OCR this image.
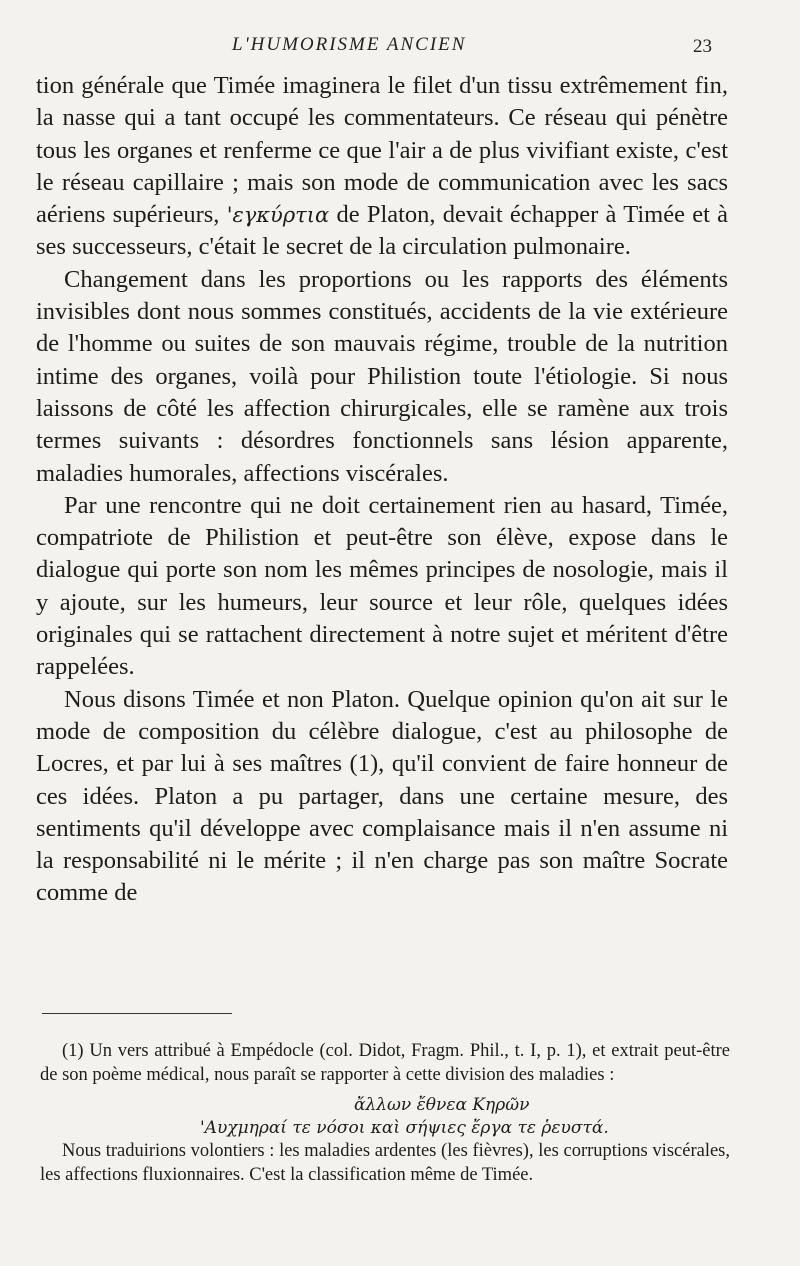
L'HUMORISME ANCIEN	23

tion générale que Timée imaginera le filet d'un tissu extrêmement fin, la nasse qui a tant occupé les commentateurs. Ce réseau qui pénètre tous les organes et renferme ce que l'air a de plus vivifiant existe, c'est le réseau capillaire ; mais son mode de communication avec les sacs aériens supérieurs, 'εγκύρτια de Platon, devait échapper à Timée et à ses successeurs, c'était le secret de la circulation pulmonaire.

Changement dans les proportions ou les rapports des éléments invisibles dont nous sommes constitués, accidents de la vie extérieure de l'homme ou suites de son mauvais régime, trouble de la nutrition intime des organes, voilà pour Philistion toute l'étiologie. Si nous laissons de côté les affection chirurgicales, elle se ramène aux trois termes suivants : désordres fonctionnels sans lésion apparente, maladies humorales, affections viscérales.

Par une rencontre qui ne doit certainement rien au hasard, Timée, compatriote de Philistion et peut-être son élève, expose dans le dialogue qui porte son nom les mêmes principes de nosologie, mais il y ajoute, sur les humeurs, leur source et leur rôle, quelques idées originales qui se rattachent directement à notre sujet et méritent d'être rappelées.

Nous disons Timée et non Platon. Quelque opinion qu'on ait sur le mode de composition du célèbre dialogue, c'est au philosophe de Locres, et par lui à ses maîtres (1), qu'il convient de faire honneur de ces idées. Platon a pu partager, dans une certaine mesure, des sentiments qu'il développe avec complaisance mais il n'en assume ni la responsabilité ni le mérite ; il n'en charge pas son maître Socrate comme de

(1) Un vers attribué à Empédocle (col. Didot, Fragm. Phil., t. I, p. 1), et extrait peut-être de son poème médical, nous paraît se rapporter à cette division des maladies :

ἄλλων ἔθνεα Κηρῶν
'Αυχμηραί τε νόσοι καὶ σήψιες ἔργα τε ῥευστά.

Nous traduirions volontiers : les maladies ardentes (les fièvres), les corruptions viscérales, les affections fluxionnaires. C'est la classification même de Timée.
